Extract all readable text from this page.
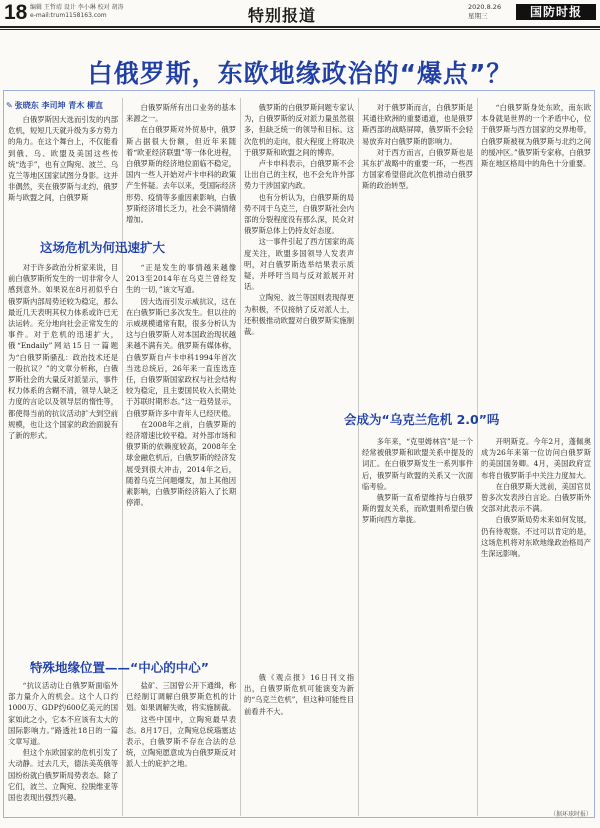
18 编辑 王哲靖 设计 李小琳 校对 胡涛
e-mail:trum1158163.com	特别报道	2020.8.26
星期三	国防时报
白俄罗斯，东欧地缘政治的“爆点”？
✎ 张晓东 李司坤 青木 柳直

白俄罗斯因大选而引发的内部危机，短短几天就升级为多方势力的角力。在这个舞台上，不仅能看到俄、乌、欧盟及美国这些传统“选手”，也有立陶宛、波兰、乌克兰等地区国家试图分身影。这并非偶然，夹在俄罗斯与北约、俄罗斯与欧盟之间，白俄罗斯

这场危机为何迅速扩大

对于许多政治分析家来说，目前白俄罗斯所发生的一切非常令人感到意外。如果说在8月初似乎白俄罗斯内部局势还较为稳定，那么最近几天表明其权力体系或许已无法运转。充分地向社会正常发生的事件。对于危机的迅速扩大，俄“Endaily”网站15日一篇题为“白俄罗斯骚乱：政治技术还是一般抗议？”的文章分析称，白俄罗斯社会的大量反对派显示，事件权力体系的含糊不清，领导人缺乏力度的言论以及领导层的惰性等，都使得当前的抗议活动扩大到空前规模，也让这个国家的政治面貌有了新的形式。

白俄罗斯所有出口业务的基本来源之一。

在白俄罗斯对外贸易中，俄罗斯占据很大份额，但近年来随着“欧亚经济联盟”等一体化进程，白俄罗斯的经济地位面临不稳定，国内一些人开始对卢卡申科的政策产生怀疑。去年以来，受国际经济形势、疫情等多重因素影响，白俄罗斯经济增长乏力，社会不满情绪增加。

“正是发生的事情越来越像2013至2014年在乌克兰曾经发生的一切，”该文写道。

因大选而引发示威抗议，这在在白俄罗斯已多次发生。但以往的示威规模通常有限，很多分析认为这与白俄罗斯人对本国政治现状越来越不满有关。俄罗斯有媒体称，白俄罗斯自卢卡申科1994年首次当选总统后，26年来一直连选连任，白俄罗斯国家政权与社会结构较为稳定，且主要国民收入长期处于苏联时期形态。”这一趋势显示，白俄罗斯许多中青年人已经厌倦。

在2008年之前，白俄罗斯的经济增速比较平稳。对外部市场和俄罗斯的依赖度较高，2008年全球金融危机后，白俄罗斯的经济发展受到很大冲击，2014年之后，随着乌克兰问题爆发，加上其他因素影响，白俄罗斯经济陷入了长期停滞。

俄罗斯的白俄罗斯问题专家认为，白俄罗斯的反对派力量虽然很多，但缺乏统一的领导和目标。这次危机的走向，很大程度上将取决于俄罗斯和欧盟之间的博弈。

卢卡申科表示，白俄罗斯不会让出自己的主权，也不会允许外部势力干涉国家内政。

也有分析认为，白俄罗斯的局势不同于乌克兰，白俄罗斯社会内部的分裂程度没有那么深，民众对俄罗斯总体上仍持友好态度。

这一事件引起了西方国家的高度关注，欧盟多国领导人发表声明，对白俄罗斯选举结果表示质疑，并呼吁当局与反对派展开对话。

立陶宛、波兰等国则表现得更为积极，不仅接纳了反对派人士，还积极推动欧盟对白俄罗斯实施制裁。

对于俄罗斯而言，白俄罗斯是其通往欧洲的重要通道，也是俄罗斯西部的战略屏障，俄罗斯不会轻易放弃对白俄罗斯的影响力。

对于西方而言，白俄罗斯也是其东扩战略中的重要一环，一些西方国家希望借此次危机推动白俄罗斯的政治转型。

会成为“乌克兰危机 2.0”吗

“白俄罗斯身处东欧，南东欧本身就是世界的一个矛盾中心，位于俄罗斯与西方国家的交界地带，白俄罗斯被视为俄罗斯与北约之间的缓冲区。”俄罗斯专家称，白俄罗斯在地区格局中的角色十分重要。

特殊地缘位置——“中心的中心”

“抗议活动让白俄罗斯面临外部力量介入的机会。这个人口约1000万、GDP约600亿美元的国家如此之小，它本不应该有太大的国际影响力。”路透社18日的一篇文章写道。

但这个东欧国家的危机引发了大动静。过去几天，德法美英俄等国纷纷就白俄罗斯局势表态。除了它们，波兰、立陶宛、拉脱维亚等国也表现出强烈兴趣。

盐矿、三国曾公开下通缉，称已经制订调解白俄罗斯危机的计划。如果调解失败，将实施制裁。

这些中国中，立陶宛最早表态。8月17日，立陶宛总统瑙塞达表示，白俄罗斯不存在合法的总统，立陶宛愿意成为白俄罗斯反对派人士的庇护之地。

俄《观点报》16日刊文指出，白俄罗斯危机可能演变为新的“乌克兰危机”，但这种可能性目前看并不大。

多年来，“克里姆林宫”是一个经常被俄罗斯和欧盟关系中提及的词汇。在白俄罗斯发生一系列事件后，俄罗斯与欧盟的关系又一次面临考验。

俄罗斯一直希望维持与白俄罗斯的盟友关系，而欧盟则希望白俄罗斯向西方靠拢。

开明斯克。今年2月，蓬佩奥成为26年来第一位访问白俄罗斯的美国国务卿。4月，美国政府宣布将自俄罗斯手中关注力度加大。

在白俄罗斯大选前，美国官员曾多次发表涉白言论。白俄罗斯外交部对此表示不满。

白俄罗斯局势未来如何发展，仍有待观察。不过可以肯定的是，这场危机将对东欧地缘政治格局产生深远影响。

（据环球时报）
